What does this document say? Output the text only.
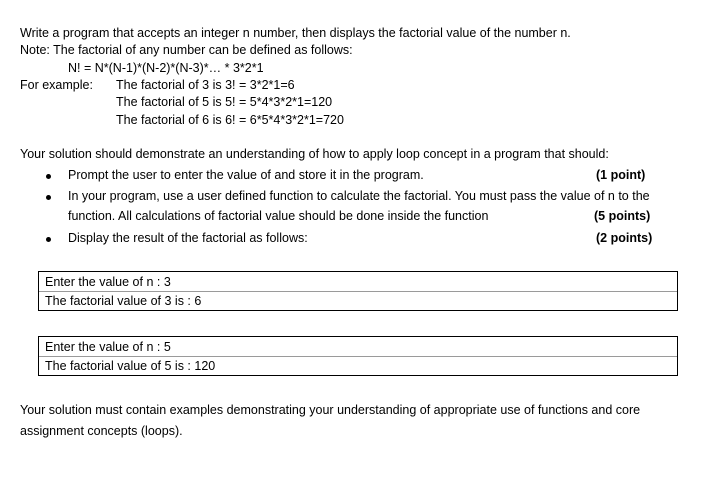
Write a program that accepts an integer n number, then displays the factorial value of the number n.
Note: The factorial of any number can be defined as follows:
N! = N*(N-1)*(N-2)*(N-3)*… * 3*2*1
For example: The factorial of 3 is 3! = 3*2*1=6
The factorial of 5 is 5! = 5*4*3*2*1=120
The factorial of 6 is 6! = 6*5*4*3*2*1=720
Your solution should demonstrate an understanding of how to apply loop concept in a program that should:
Prompt the user to enter the value of and store it in the program.	(1 point)
In your program, use a user defined function to calculate the factorial. You must pass the value of n to the
function. All calculations of factorial value should be done inside the function	(5 points)
Display the result of the factorial as follows:	(2 points)
Enter the value of n : 3
The factorial value of 3 is : 6
Enter the value of n : 5
The factorial value of 5 is : 120
Your solution must contain examples demonstrating your understanding of appropriate use of functions and core
assignment concepts (loops).
